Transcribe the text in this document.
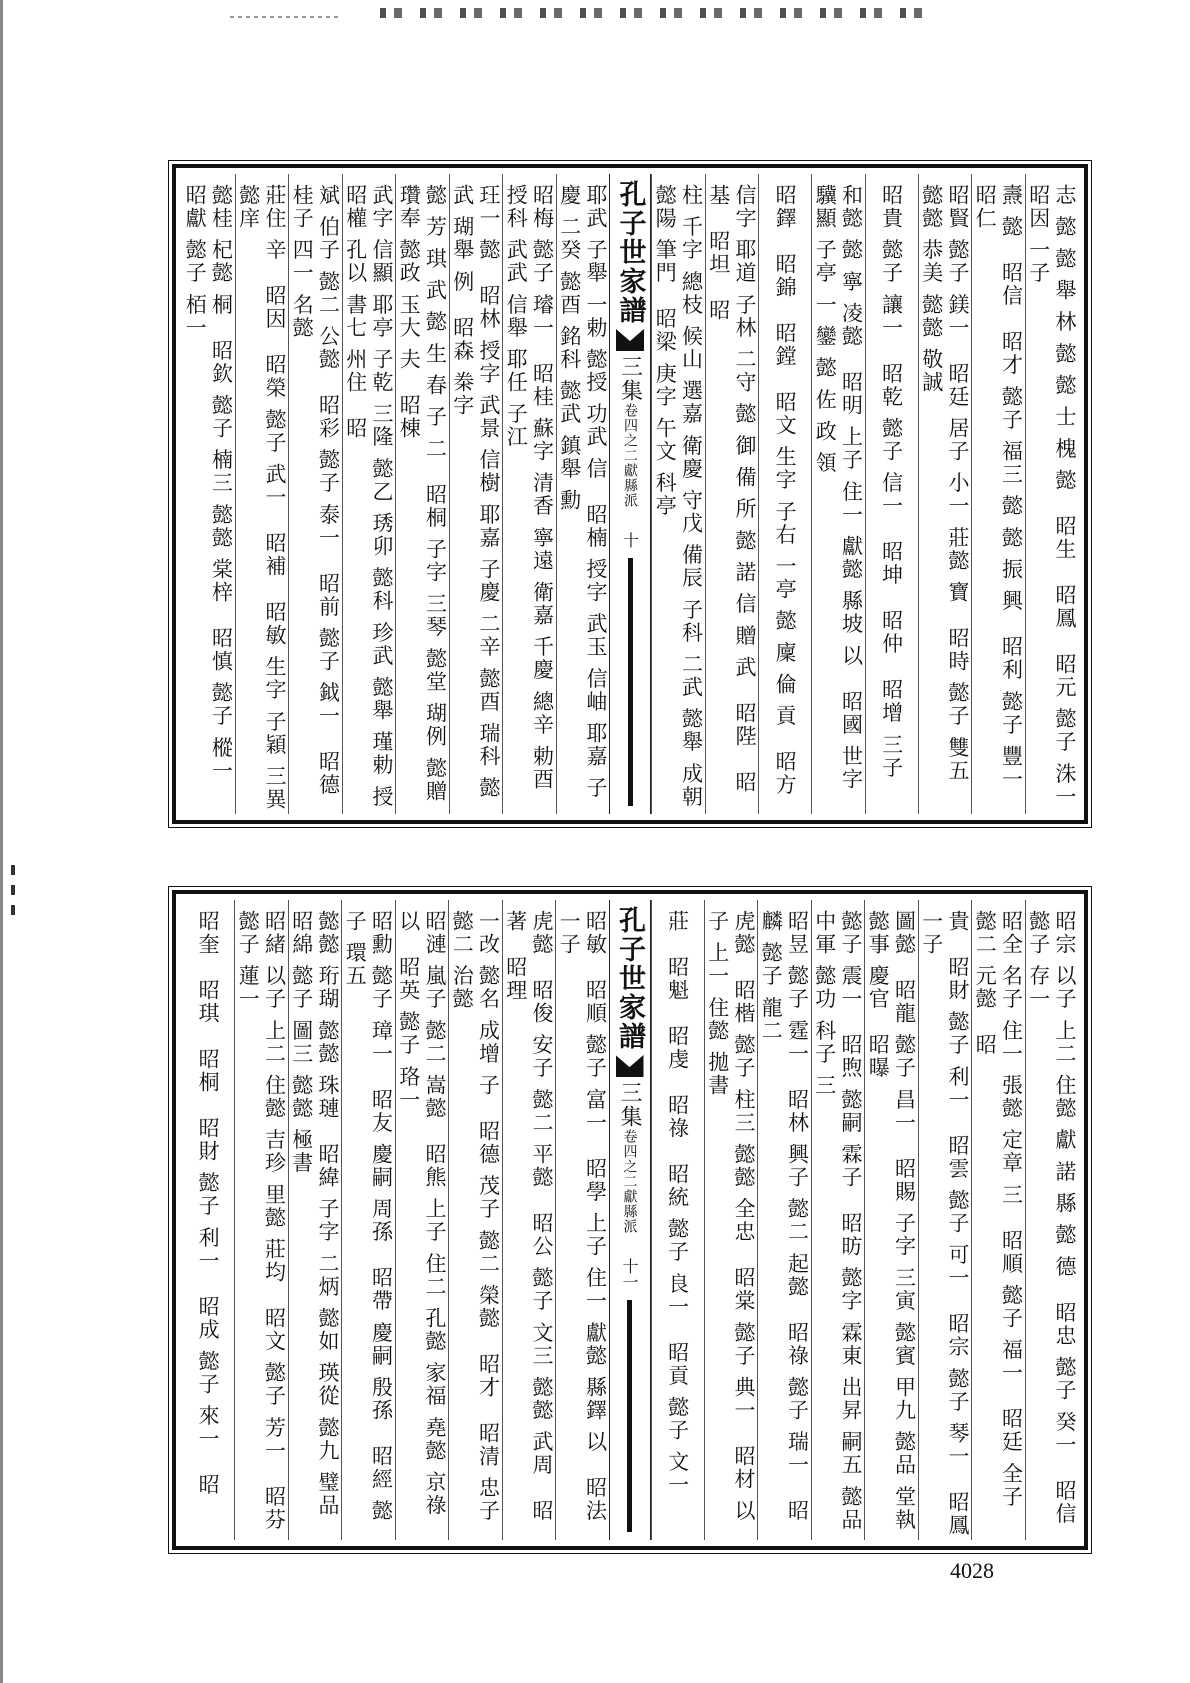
志 懿 懿 舉 林 懿 懿 士 槐 懿　昭生　昭鳳　昭元 懿子 洙一　昭因 一子
燾 懿　昭信　昭才 懿子 福三 懿 懿 振 興　昭利 懿子 豐一　昭仁
昭賢 懿子 鎂一　昭廷 居子 小一 莊懿 寶　昭時 懿子 雙五 懿懿 恭美 懿懿 敬誠
昭貴 懿子 讓一　昭乾 懿子 信一　昭坤　昭仲　昭增 三子
和懿 懿 寧 凌懿　昭明 上子 住一 獻懿 縣坡 以　昭國 世字 驥顯 子亭 一 鑾 懿 佐 政 領
昭鐸　昭錦　昭鏜　昭文 生字 子右 一亭 懿 廩 倫 貢　昭方
信字 耶道 子林 二守 懿 御 備 所 懿 諾 信 贈 武　昭陛　昭基　昭坦　昭
柱 千字 總枝 候山 選嘉 衛慶 守戊 備辰 子科 二武 懿舉 成朝 懿陽 筆門　昭梁 庚字 午文 科亭
孔子世家譜
三集
卷四之二
獻縣派
十
耶武 子舉 一勅 懿授 功武 信　昭楠 授字 武玉 信岫 耶嘉 子慶 二癸 懿酉 銘科 懿武 鎮舉 勳
昭梅 懿子 璿一　昭桂 蘇字 清香 寧遠 衛嘉 千慶 總辛 勅酉 授科 武武 信舉 耶任 子江
玨一 懿　昭林 授字 武景 信樹 耶嘉 子慶 二辛 懿酉 瑞科 懿武 瑚舉 例　昭森 桊字
懿 芳 琪 武 懿 生 春 子 二　昭桐 子字 三琴 懿堂 瑚例 懿贈 瓚奉 懿政 玉大 夫　昭棟
武字 信顯 耶亭 子乾 三隆 懿乙 琇卯 懿科 珍武 懿舉 瑾勅 授　昭權 孔以 書七 州住　昭
斌 伯子 懿二 公懿　昭彩 懿子 泰一　昭前 懿子 鉞一　昭德 桂子 四一 名懿
莊住 辛　昭因　昭榮 懿子 武一　昭補　昭敏 生字 子穎 三異 懿庠
懿桂 杞懿 桐　昭欽 懿子 楠三 懿懿 棠梓　昭慎 懿子 樅一　昭獻 懿子 栢一
昭宗 以子 上二 住懿 獻 諾 縣 懿 德　昭忠 懿子 癸一　昭信 懿子 存一
昭全 名子 住一 張懿 定章 三　昭順 懿子 福一　昭廷 全子 懿二 元懿　昭
貴　昭財 懿子 利一　昭雲 懿子 可一　昭宗 懿子 琴一　昭鳳 一子
圖懿　昭龍 懿子 昌一　昭賜 子字 三寅 懿賓 甲九 懿品 堂執 懿事 慶官　昭曝
懿子 震一　昭煦 懿嗣 霖子　昭昉 懿字 霖東 出昇 嗣五 懿品 中軍 懿功 科子 三
昭昱 懿子 霆一　昭林 興子 懿二 起懿　昭祿 懿子 瑞一　昭麟 懿子 龍二
虎懿　昭楷 懿子 柱三 懿懿 全忠　昭棠 懿子 典一　昭材 以子 上一 住懿 拋書
莊　昭魁　昭虔　昭祿　昭統 懿子 良一　昭貢 懿子 文一
孔子世家譜
三集
卷四之二
獻縣派
十一
昭敏　昭順 懿子 富一　昭學 上子 住一 獻懿 縣鐸 以　昭法 一子
虎懿　昭俊 安子 懿二 平懿　昭公 懿子 文三 懿懿 武周　昭著　昭理
一改 懿名 成增 子　昭德 茂子 懿二 榮懿　昭才　昭清 忠子 懿二 治懿
昭漣 嵐子 懿二 嵩懿　昭熊 上子 住二 孔懿 家福 堯懿 京祿 以　昭英 懿子 珞一
昭勳 懿子 璋一　昭友 慶嗣 周孫　昭帶 慶嗣 殷孫　昭經 懿子 環五
懿懿 珩瑚 懿懿 珠璉　昭緯 子字 二炳 懿如 瑛從 懿九 璧品　昭綿 懿子 圖三 懿懿 極書
昭緒 以子 上二 住懿 吉珍 里懿 莊均　昭文 懿子 芳一　昭芬 懿子 蓮一
昭奎　昭琪　昭桐　昭財 懿子 利一　昭成 懿子 來一　昭
4028
